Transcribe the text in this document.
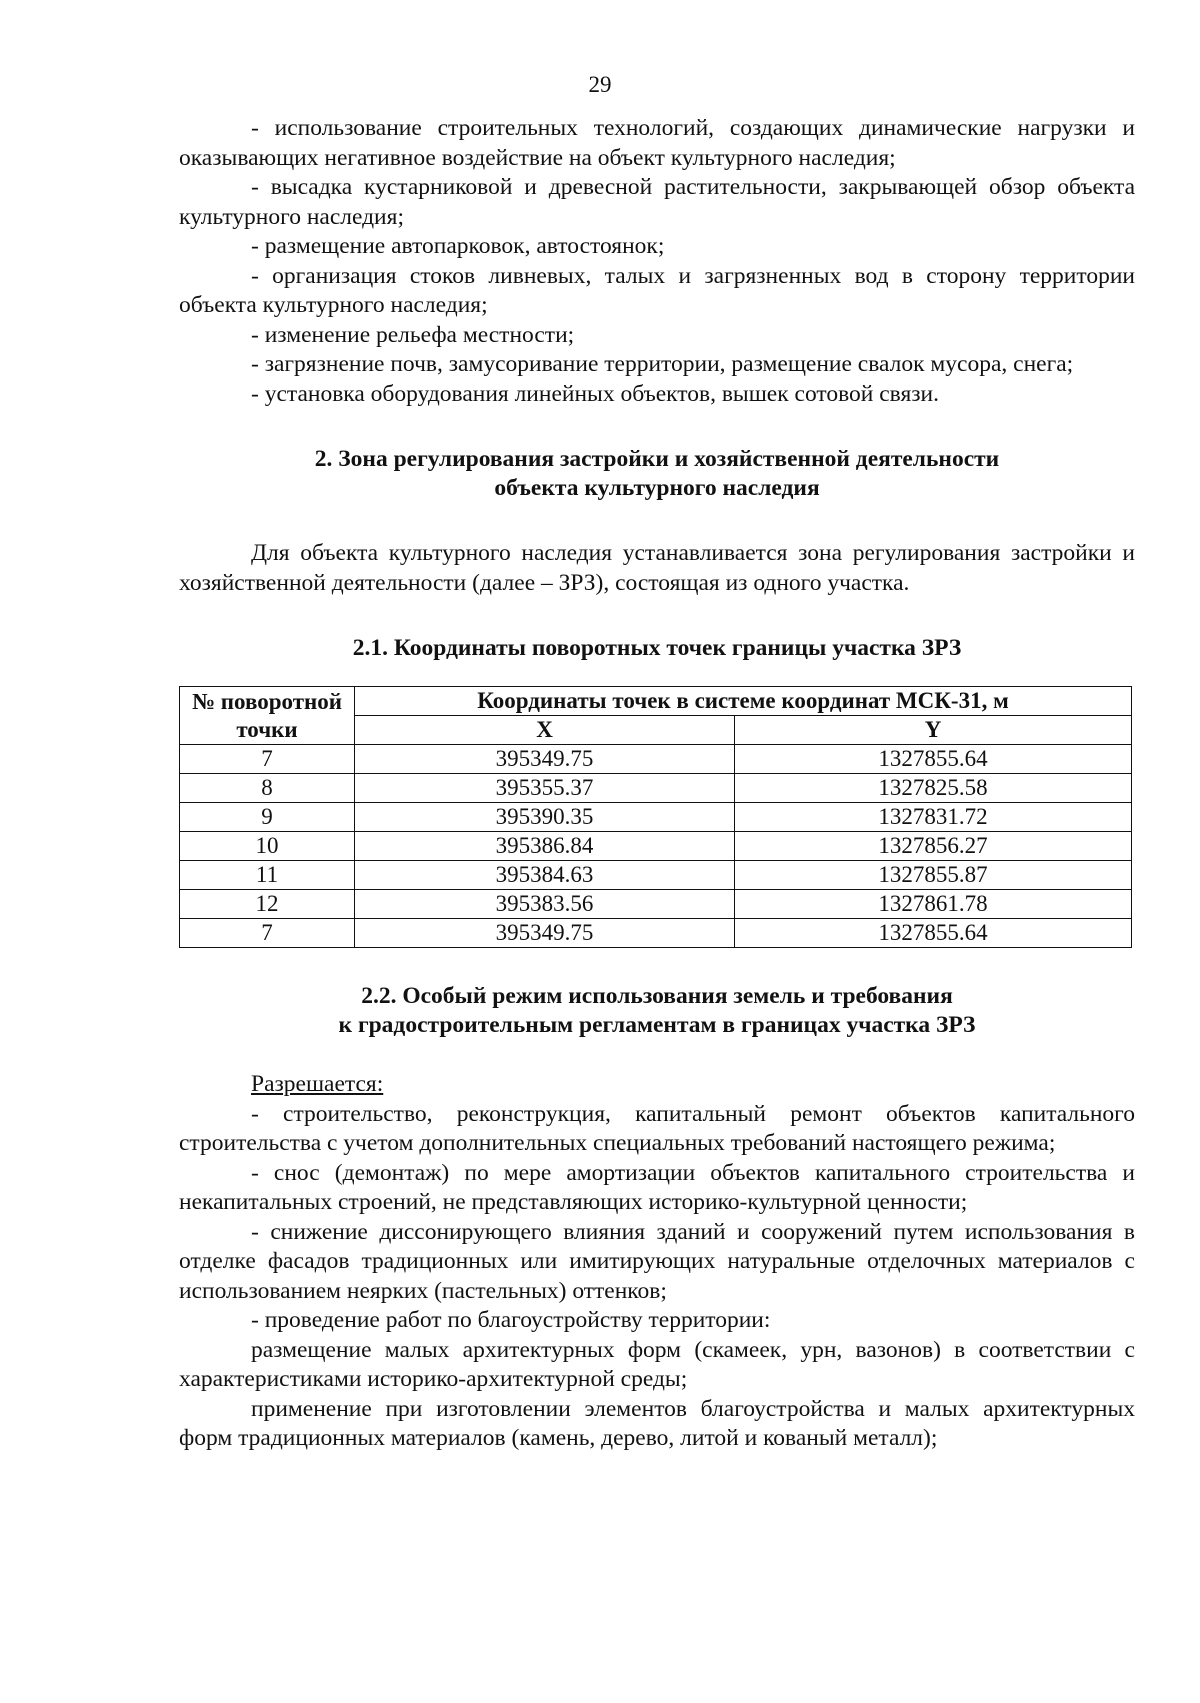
29

- использование строительных технологий, создающих динамические нагрузки и оказывающих негативное воздействие на объект культурного наследия;

- высадка кустарниковой и древесной растительности, закрывающей обзор объекта культурного наследия;

- размещение автопарковок, автостоянок;

- организация стоков ливневых, талых и загрязненных вод в сторону территории объекта культурного наследия;

- изменение рельефа местности;

- загрязнение почв, замусоривание территории, размещение свалок мусора, снега;

- установка оборудования линейных объектов, вышек сотовой связи.

2. Зона регулирования застройки и хозяйственной деятельности
объекта культурного наследия

Для объекта культурного наследия устанавливается зона регулирования застройки и хозяйственной деятельности (далее – ЗРЗ), состоящая из одного участка.

2.1. Координаты поворотных точек границы участка ЗРЗ
№ поворотной
точки	Координаты точек в системе координат МСК-31, м	
	X	Y
7	395349.75	1327855.64
8	395355.37	1327825.58
9	395390.35	1327831.72
10	395386.84	1327856.27
11	395384.63	1327855.87
12	395383.56	1327861.78
7	395349.75	1327855.64
2.2. Особый режим использования земель и требования
к градостроительным регламентам в границах участка ЗРЗ

Разрешается:

- строительство, реконструкция, капитальный ремонт объектов капитального строительства с учетом дополнительных специальных требований настоящего режима;

- снос (демонтаж) по мере амортизации объектов капитального строительства и некапитальных строений, не представляющих историко-культурной ценности;

- снижение диссонирующего влияния зданий и сооружений путем использования в отделке фасадов традиционных или имитирующих натуральные отделочных материалов с использованием неярких (пастельных) оттенков;

- проведение работ по благоустройству территории:

размещение малых архитектурных форм (скамеек, урн, вазонов) в соответствии с характеристиками историко-архитектурной среды;

применение при изготовлении элементов благоустройства и малых архитектурных форм традиционных материалов (камень, дерево, литой и кованый металл);
